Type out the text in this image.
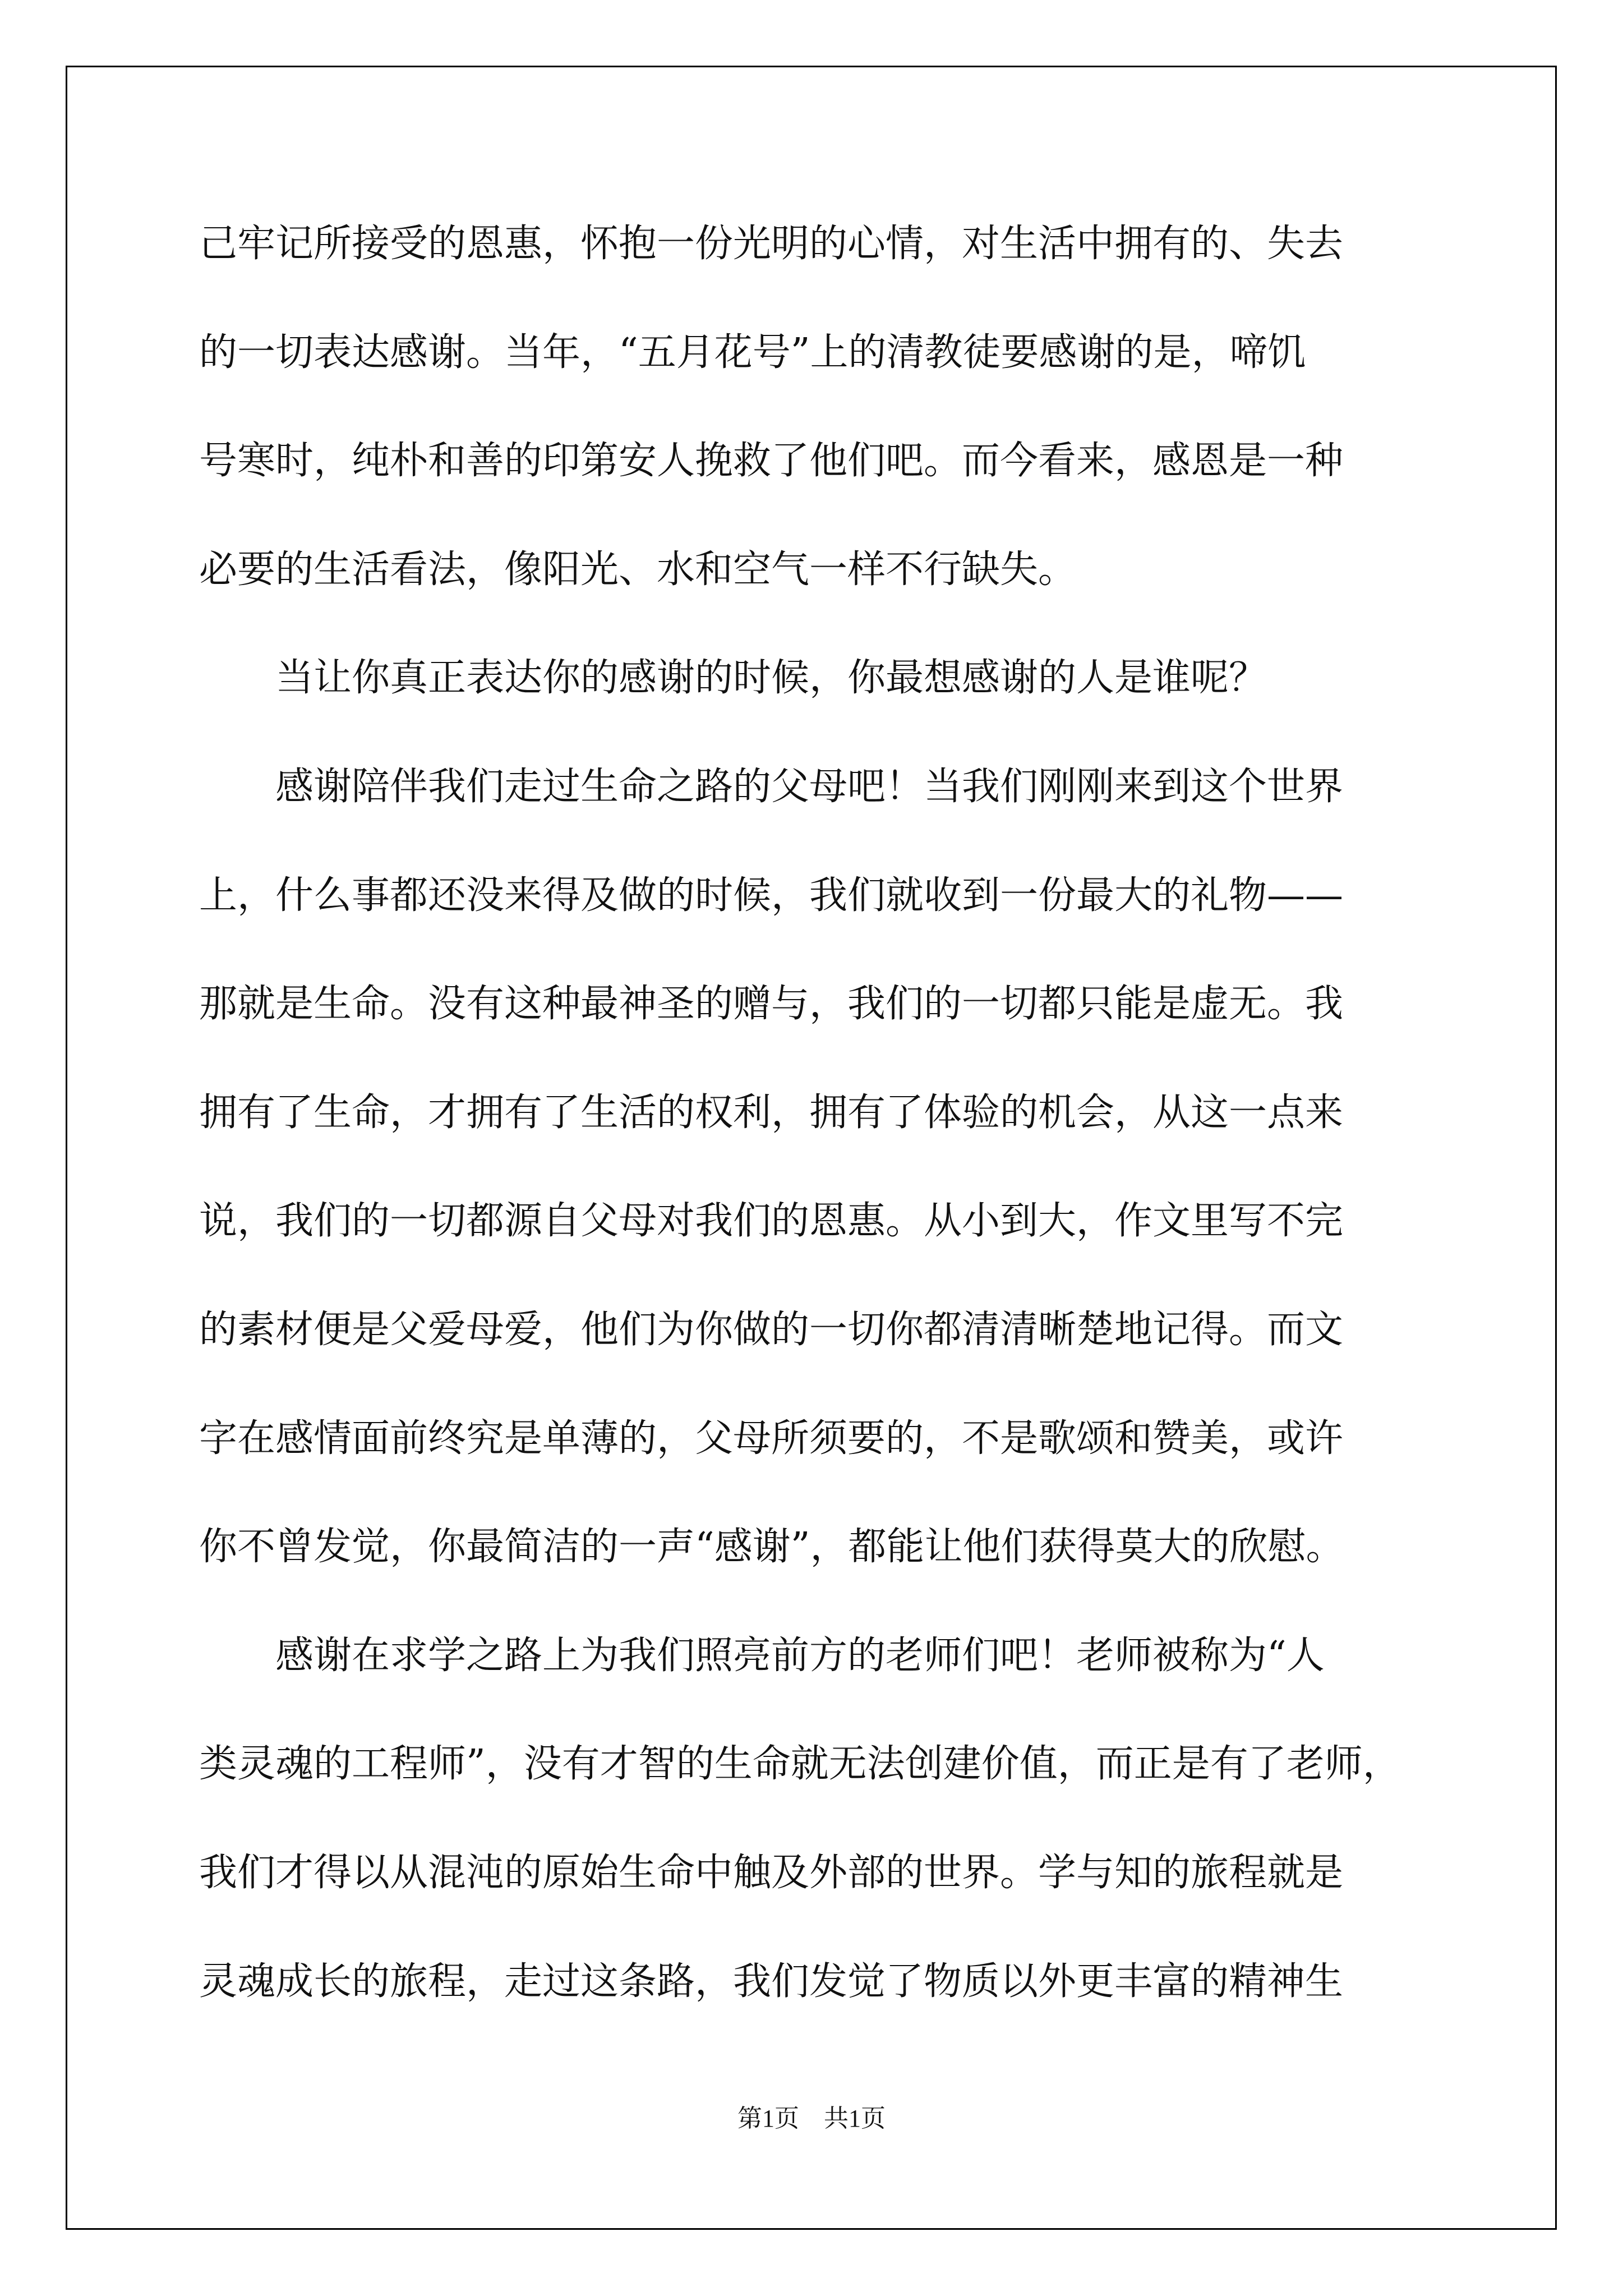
己牢记所接受的恩惠，怀抱一份光明的心情，对生活中拥有的、失去
的一切表达感谢。当年，“五月花号”上的清教徒要感谢的是，啼饥
号寒时，纯朴和善的印第安人挽救了他们吧。而今看来，感恩是一种
必要的生活看法，像阳光、水和空气一样不行缺失。
　　当让你真正表达你的感谢的时候，你最想感谢的人是谁呢？
　　感谢陪伴我们走过生命之路的父母吧！当我们刚刚来到这个世界
上，什么事都还没来得及做的时候，我们就收到一份最大的礼物——
那就是生命。没有这种最神圣的赠与，我们的一切都只能是虚无。我
拥有了生命，才拥有了生活的权利，拥有了体验的机会，从这一点来
说，我们的一切都源自父母对我们的恩惠。从小到大，作文里写不完
的素材便是父爱母爱，他们为你做的一切你都清清晰楚地记得。而文
字在感情面前终究是单薄的，父母所须要的，不是歌颂和赞美，或许
你不曾发觉，你最简洁的一声“感谢”，都能让他们获得莫大的欣慰。
　　感谢在求学之路上为我们照亮前方的老师们吧！老师被称为“人
类灵魂的工程师”，没有才智的生命就无法创建价值，而正是有了老师，
我们才得以从混沌的原始生命中触及外部的世界。学与知的旅程就是
灵魂成长的旅程，走过这条路，我们发觉了物质以外更丰富的精神生
第1页　共1页
